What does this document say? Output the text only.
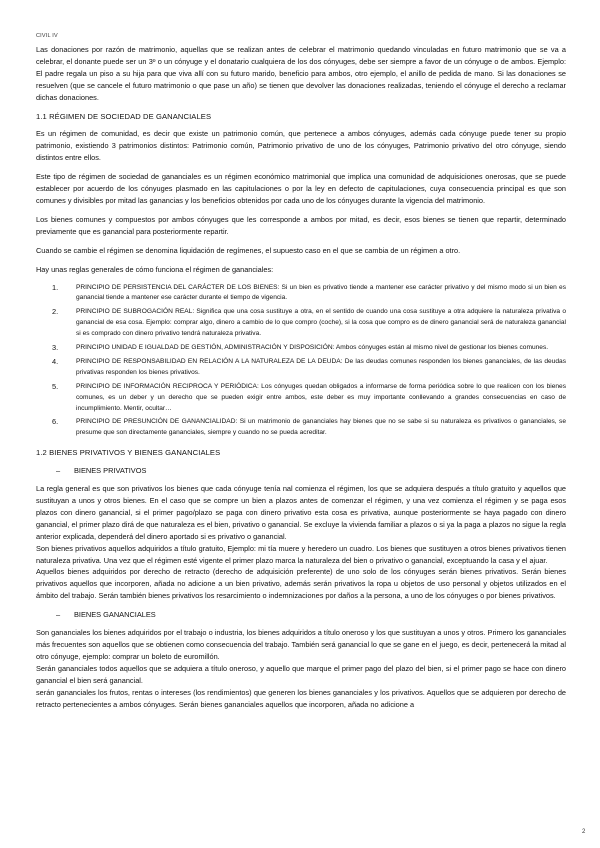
CIVIL IV

Las donaciones por razón de matrimonio, aquellas que se realizan antes de celebrar el matrimonio quedando vinculadas en futuro matrimonio que se va a celebrar, el donante puede ser un 3º o un cónyuge y el donatario cualquiera de los dos cónyuges, debe ser siempre a favor de un cónyuge o de ambos. Ejemplo: El padre regala un piso a su hija para que viva allí con su futuro marido, beneficio para ambos, otro ejemplo, el anillo de pedida de mano. Si las donaciones se resuelven (que se cancele el futuro matrimonio o que pase un año) se tienen que devolver las donaciones realizadas, teniendo el cónyuge el derecho a reclamar dichas donaciones.

1.1 RÉGIMEN DE SOCIEDAD DE GANANCIALES

Es un régimen de comunidad, es decir que existe un patrimonio común, que pertenece a ambos cónyuges, además cada cónyuge puede tener su propio patrimonio, existiendo 3 patrimonios distintos: Patrimonio común, Patrimonio privativo de uno de los cónyuges, Patrimonio privativo del otro cónyuge, siendo distintos entre ellos.

Este tipo de régimen de sociedad de gananciales es un régimen económico matrimonial que implica una comunidad de adquisiciones onerosas, que se puede establecer por acuerdo de los cónyuges plasmado en las capitulaciones o por la ley en defecto de capitulaciones, cuya consecuencia principal es que son comunes y divisibles por mitad las ganancias y los beneficios obtenidos por cada uno de los cónyuges durante la vigencia del matrimonio.

Los bienes comunes y compuestos por ambos cónyuges que les corresponde a ambos por mitad, es decir, esos bienes se tienen que repartir, determinado previamente que es ganancial para posteriormente repartir.

Cuando se cambie el régimen se denomina liquidación de regímenes, el supuesto caso en el que se cambia de un régimen a otro.

Hay unas reglas generales de cómo funciona el régimen de gananciales:

1.	PRINCIPIO DE PERSISTENCIA DEL CARÁCTER DE LOS BIENES: Si un bien es privativo tiende a mantener ese carácter privativo y del mismo modo si un bien es ganancial tiende a mantener ese carácter durante el tiempo de vigencia.
2.	PRINCIPIO DE SUBROGACIÓN REAL: Significa que una cosa sustituye a otra, en el sentido de cuando una cosa sustituye a otra adquiere la naturaleza privativa o ganancial de esa cosa. Ejemplo: comprar algo, dinero a cambio de lo que compro (coche), si la cosa que compro es de dinero ganancial será de naturaleza ganancial si es comprado con dinero privativo tendrá naturaleza privativa.
3.	PRINCIPIO UNIDAD E IGUALDAD DE GESTIÓN, ADMINISTRACIÓN Y DISPOSICIÓN: Ambos cónyuges están al mismo nivel de gestionar los bienes comunes.
4.	PRINCIPIO DE RESPONSABILIDAD EN RELACIÓN A LA NATURALEZA DE LA DEUDA: De las deudas comunes responden los bienes gananciales, de las deudas privativas responden los bienes privativos.
5.	PRINCIPIO DE INFORMACIÓN RECIPROCA Y PERIÓDICA: Los cónyuges quedan obligados a informarse de forma periódica sobre lo que realicen con los bienes comunes, es un deber y un derecho que se pueden exigir entre ambos, este deber es muy importante conllevando a grandes consecuencias en caso de incumplimiento. Mentir, ocultar…
6.	PRINCIPIO DE PRESUNCIÓN DE GANANCIALIDAD: Si un matrimonio de gananciales hay bienes que no se sabe si su naturaleza es privativos o gananciales, se presume que son directamente gananciales, siempre y cuando no se pueda acreditar.
1.2 BIENES PRIVATIVOS Y BIENES GANANCIALES
–	BIENES PRIVATIVOS

La regla general es que son privativos los bienes que cada cónyuge tenía nal comienza el régimen, los que se adquiera después a título gratuito y aquellos que sustituyan a unos y otros bienes. En el caso que se compre un bien a plazos antes de comenzar el régimen, y una vez comienza el régimen y se paga esos plazos con dinero ganancial, si el primer pago/plazo se paga con dinero privativo esta cosa es privativa, aunque posteriormente se haya pagado con dinero ganancial, el primer plazo dirá de que naturaleza es el bien, privativo o ganancial. Se excluye la vivienda familiar a plazos o si ya la paga a plazos no sigue la regla anterior explicada, dependerá del dinero aportado si es privativo o ganancial.

Son bienes privativos aquellos adquiridos a título gratuito, Ejemplo: mi tía muere y heredero un cuadro. Los bienes que sustituyen a otros bienes privativos tienen naturaleza privativa. Una vez que el régimen esté vigente el primer plazo marca la naturaleza del bien o privativo o ganancial, exceptuando la casa y el ajuar.

Aquellos bienes adquiridos por derecho de retracto (derecho de adquisición preferente) de uno solo de los cónyuges serán bienes privativos. Serán bienes privativos aquellos que incorporen, añada no adicione a un bien privativo, además serán privativos la ropa u objetos de uso personal y objetos utilizados en el ámbito del trabajo. Serán también bienes privativos los resarcimiento o indemnizaciones por daños a la persona, a uno de los cónyuges o por bienes privativos.

–	BIENES GANANCIALES

Son gananciales los bienes adquiridos por el trabajo o industria, los bienes adquiridos a título oneroso y los que sustituyan a unos y otros. Primero los gananciales más frecuentes son aquellos que se obtienen como consecuencia del trabajo. También será ganancial lo que se gane en el juego, es decir, pertenecerá la mitad al otro cónyuge, ejemplo: comprar un boleto de euromillón.

Serán gananciales todos aquellos que se adquiera a título oneroso, y aquello que marque el primer pago del plazo del bien, si el primer pago se hace con dinero ganancial el bien será ganancial.

serán gananciales los frutos, rentas o intereses (los rendimientos) que generen los bienes gananciales y los privativos. Aquellos que se adquieren por derecho de retracto pertenecientes a ambos cónyuges. Serán bienes gananciales aquellos que incorporen, añada no adicione a

2
